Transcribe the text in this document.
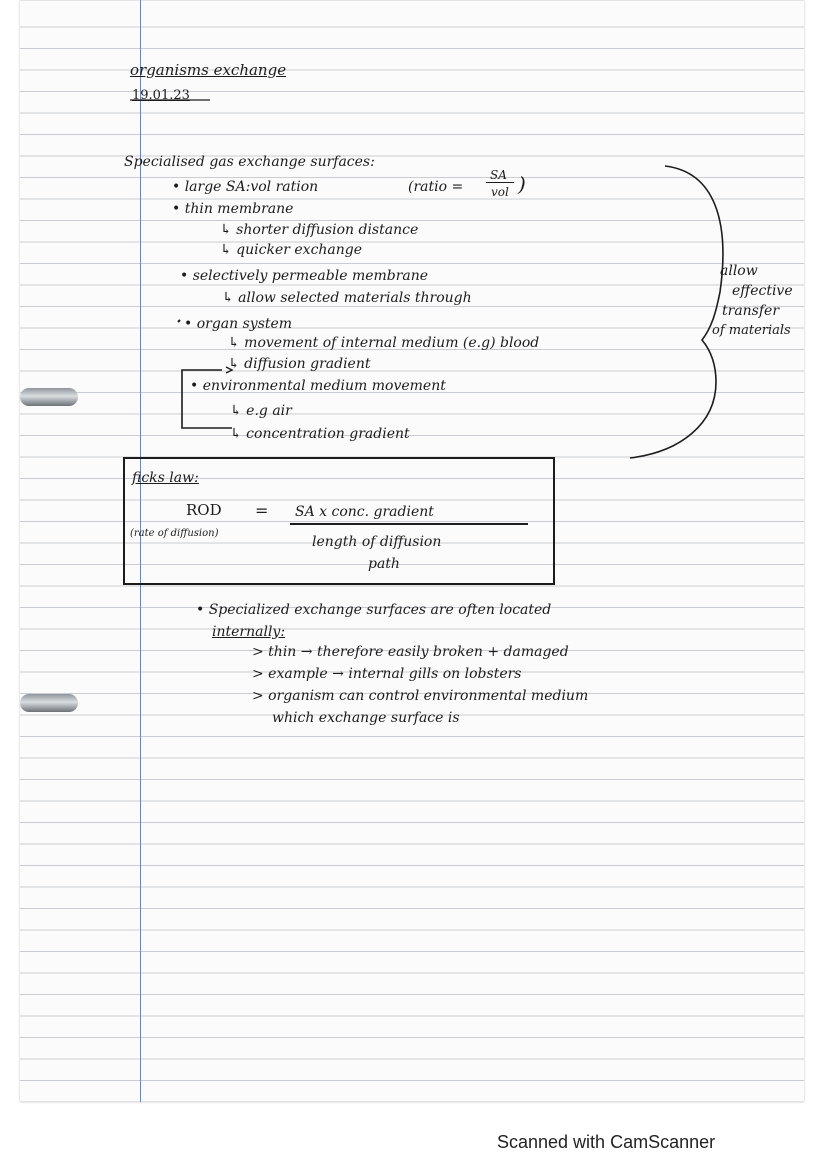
organisms exchange
19.01.23
Specialised gas exchange surfaces:
• large SA:vol ration	(ratio =
SA
vol )
• thin membrane
↳ shorter diffusion distance
↳ quicker exchange
• selectively permeable membrane
↳ allow selected materials through
• organ system
↳ movement of internal medium (e.g) blood
↳ diffusion gradient
• environmental medium movement
↳ e.g air
↳ concentration gradient
allow
effective
transfer
of materials
ficks law:
ROD
(rate of diffusion)
= SA x conc. gradient
length of diffusion
path
• Specialized exchange surfaces are often located
internally:
> thin → therefore easily broken + damaged
> example → internal gills on lobsters
> organism can control environmental medium
which exchange surface is
Scanned with CamScanner
